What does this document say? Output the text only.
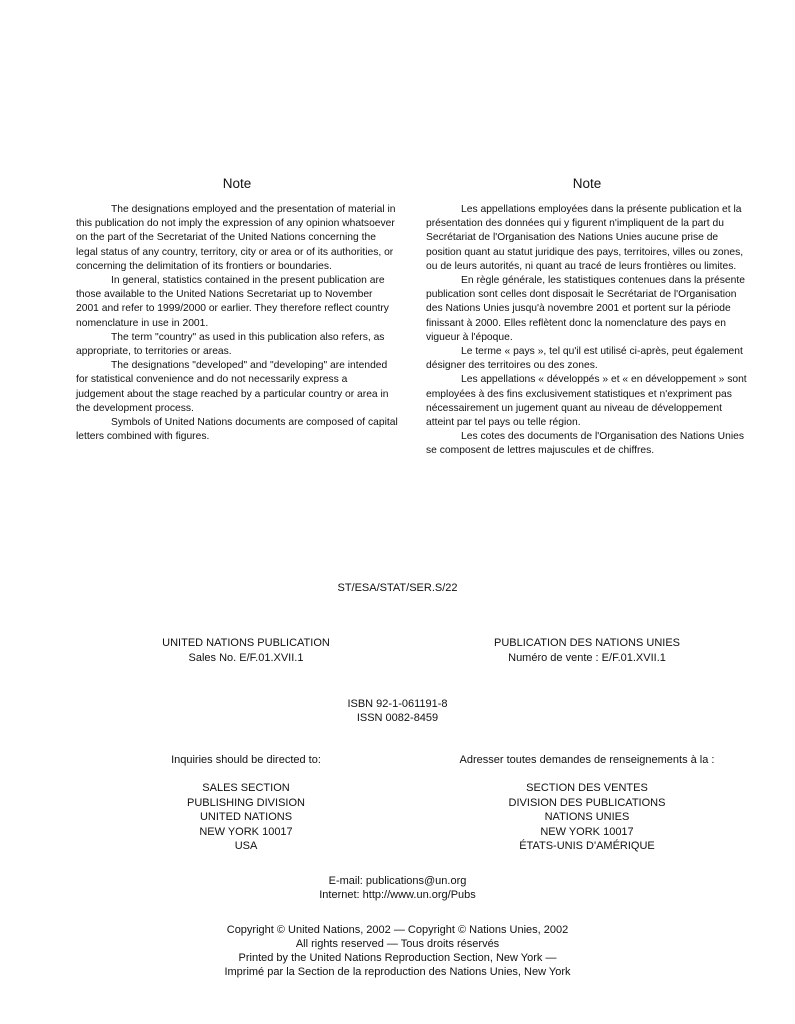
Note

The designations employed and the presentation of material in this publication do not imply the expression of any opinion whatsoever on the part of the Secretariat of the United Nations concerning the legal status of any country, territory, city or area or of its authorities, or concerning the delimitation of its frontiers or boundaries.

In general, statistics contained in the present publication are those available to the United Nations Secretariat up to November 2001 and refer to 1999/2000 or earlier. They therefore reflect country nomenclature in use in 2001.

The term "country" as used in this publication also refers, as appropriate, to territories or areas.

The designations "developed" and "developing" are intended for statistical convenience and do not necessarily express a judgement about the stage reached by a particular country or area in the development process.

Symbols of United Nations documents are composed of capital letters combined with figures.

Note

Les appellations employées dans la présente publication et la présentation des données qui y figurent n'impliquent de la part du Secrétariat de l'Organisation des Nations Unies aucune prise de position quant au statut juridique des pays, territoires, villes ou zones, ou de leurs autorités, ni quant au tracé de leurs frontières ou limites.

En règle générale, les statistiques contenues dans la présente publication sont celles dont disposait le Secrétariat de l'Organisation des Nations Unies jusqu'à novembre 2001 et portent sur la période finissant à 2000. Elles reflètent donc la nomenclature des pays en vigueur à l'époque.

Le terme « pays », tel qu'il est utilisé ci-après, peut également désigner des territoires ou des zones.

Les appellations « développés » et « en développement » sont employées à des fins exclusivement statistiques et n'expriment pas nécessairement un jugement quant au niveau de développement atteint par tel pays ou telle région.

Les cotes des documents de l'Organisation des Nations Unies se composent de lettres majuscules et de chiffres.

ST/ESA/STAT/SER.S/22
UNITED NATIONS PUBLICATION
Sales No. E/F.01.XVII.1
PUBLICATION DES NATIONS UNIES
Numéro de vente : E/F.01.XVII.1
ISBN 92-1-061191-8
ISSN 0082-8459
Inquiries should be directed to:	Adresser toutes demandes de renseignements à la :
SALES SECTION
PUBLISHING DIVISION
UNITED NATIONS
NEW YORK 10017
USA
SECTION DES VENTES
DIVISION DES PUBLICATIONS
NATIONS UNIES
NEW YORK 10017
ÉTATS-UNIS D'AMÉRIQUE
E-mail: publications@un.org
Internet: http://www.un.org/Pubs
Copyright © United Nations, 2002 — Copyright © Nations Unies, 2002
All rights reserved — Tous droits réservés
Printed by the United Nations Reproduction Section, New York —
Imprimé par la Section de la reproduction des Nations Unies, New York
